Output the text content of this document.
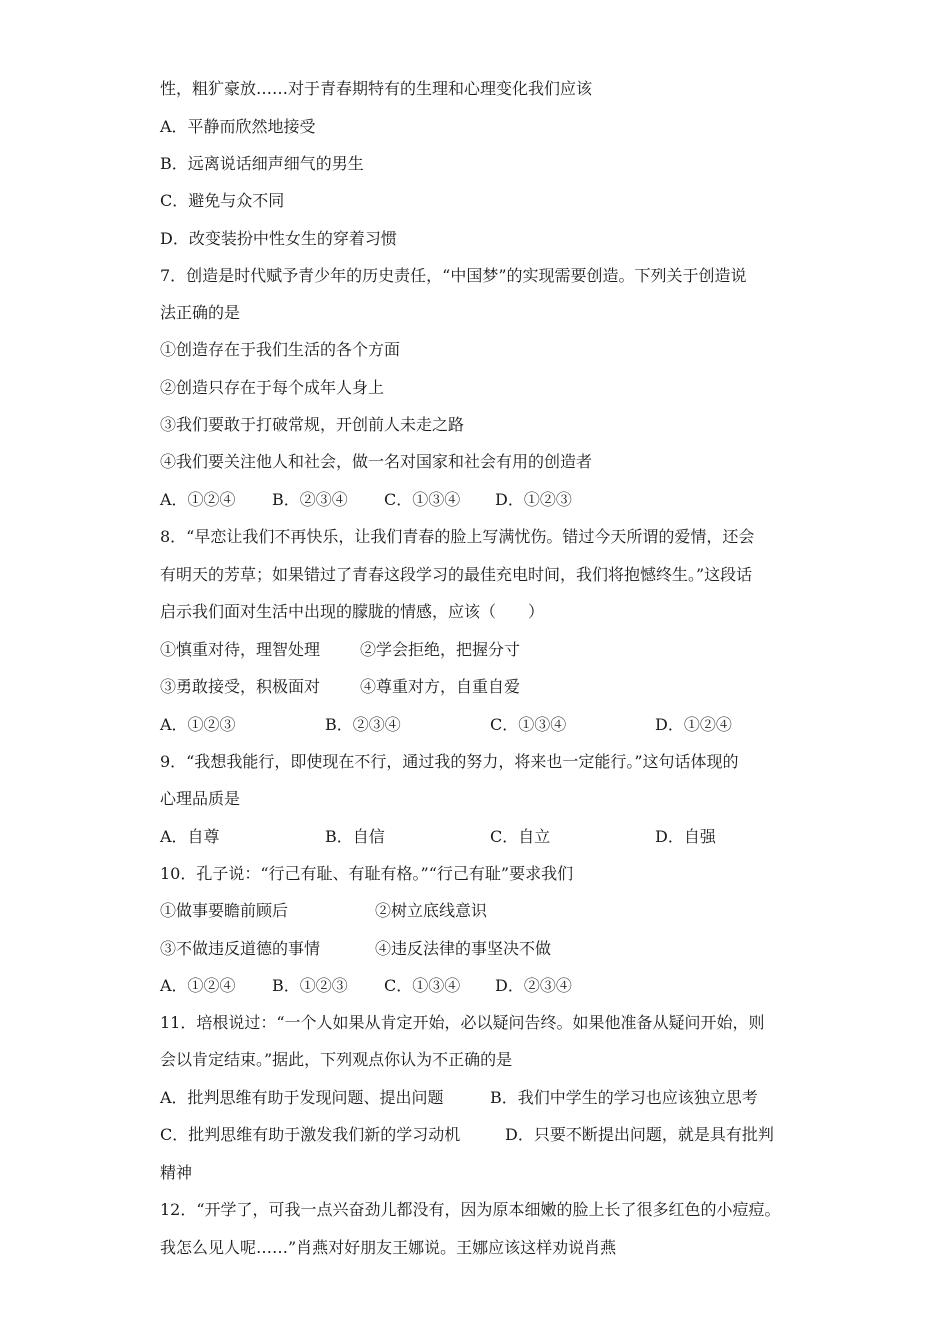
性，粗犷豪放……对于青春期特有的生理和心理变化我们应该
A．平静而欣然地接受
B．远离说话细声细气的男生
C．避免与众不同
D．改变装扮中性女生的穿着习惯
7．创造是时代赋予青少年的历史责任，“中国梦”的实现需要创造。下列关于创造说
法正确的是
①创造存在于我们生活的各个方面
②创造只存在于每个成年人身上
③我们要敢于打破常规，开创前人未走之路
④我们要关注他人和社会，做一名对国家和社会有用的创造者
A．①②④ B．②③④ C．①③④ D．①②③
8．“早恋让我们不再快乐，让我们青春的脸上写满忧伤。错过今天所谓的爱情，还会
有明天的芳草；如果错过了青春这段学习的最佳充电时间，我们将抱憾终生。”这段话
启示我们面对生活中出现的朦胧的情感，应该（　　）
①慎重对待，理智处理 ②学会拒绝，把握分寸
③勇敢接受，积极面对 ④尊重对方，自重自爱
A．①②③	B．②③④	C．①③④	D．①②④
9．“我想我能行，即使现在不行，通过我的努力，将来也一定能行。”这句话体现的
心理品质是
A．自尊	B．自信	C．自立	D．自强
10．孔子说：“行己有耻、有耻有格。”“行己有耻”要求我们
①做事要瞻前顾后	②树立底线意识
③不做违反道德的事情	④违反法律的事坚决不做
A．①②④ B．①②③ C．①③④ D．②③④
11．培根说过：“一个人如果从肯定开始，必以疑问告终。如果他准备从疑问开始，则
会以肯定结束。”据此，下列观点你认为不正确的是
A．批判思维有助于发现问题、提出问题	B．我们中学生的学习也应该独立思考
C．批判思维有助于激发我们新的学习动机	D．只要不断提出问题，就是具有批判
精神
12．“开学了，可我一点兴奋劲儿都没有，因为原本细嫩的脸上长了很多红色的小痘痘。
我怎么见人呢……”肖燕对好朋友王娜说。王娜应该这样劝说肖燕
